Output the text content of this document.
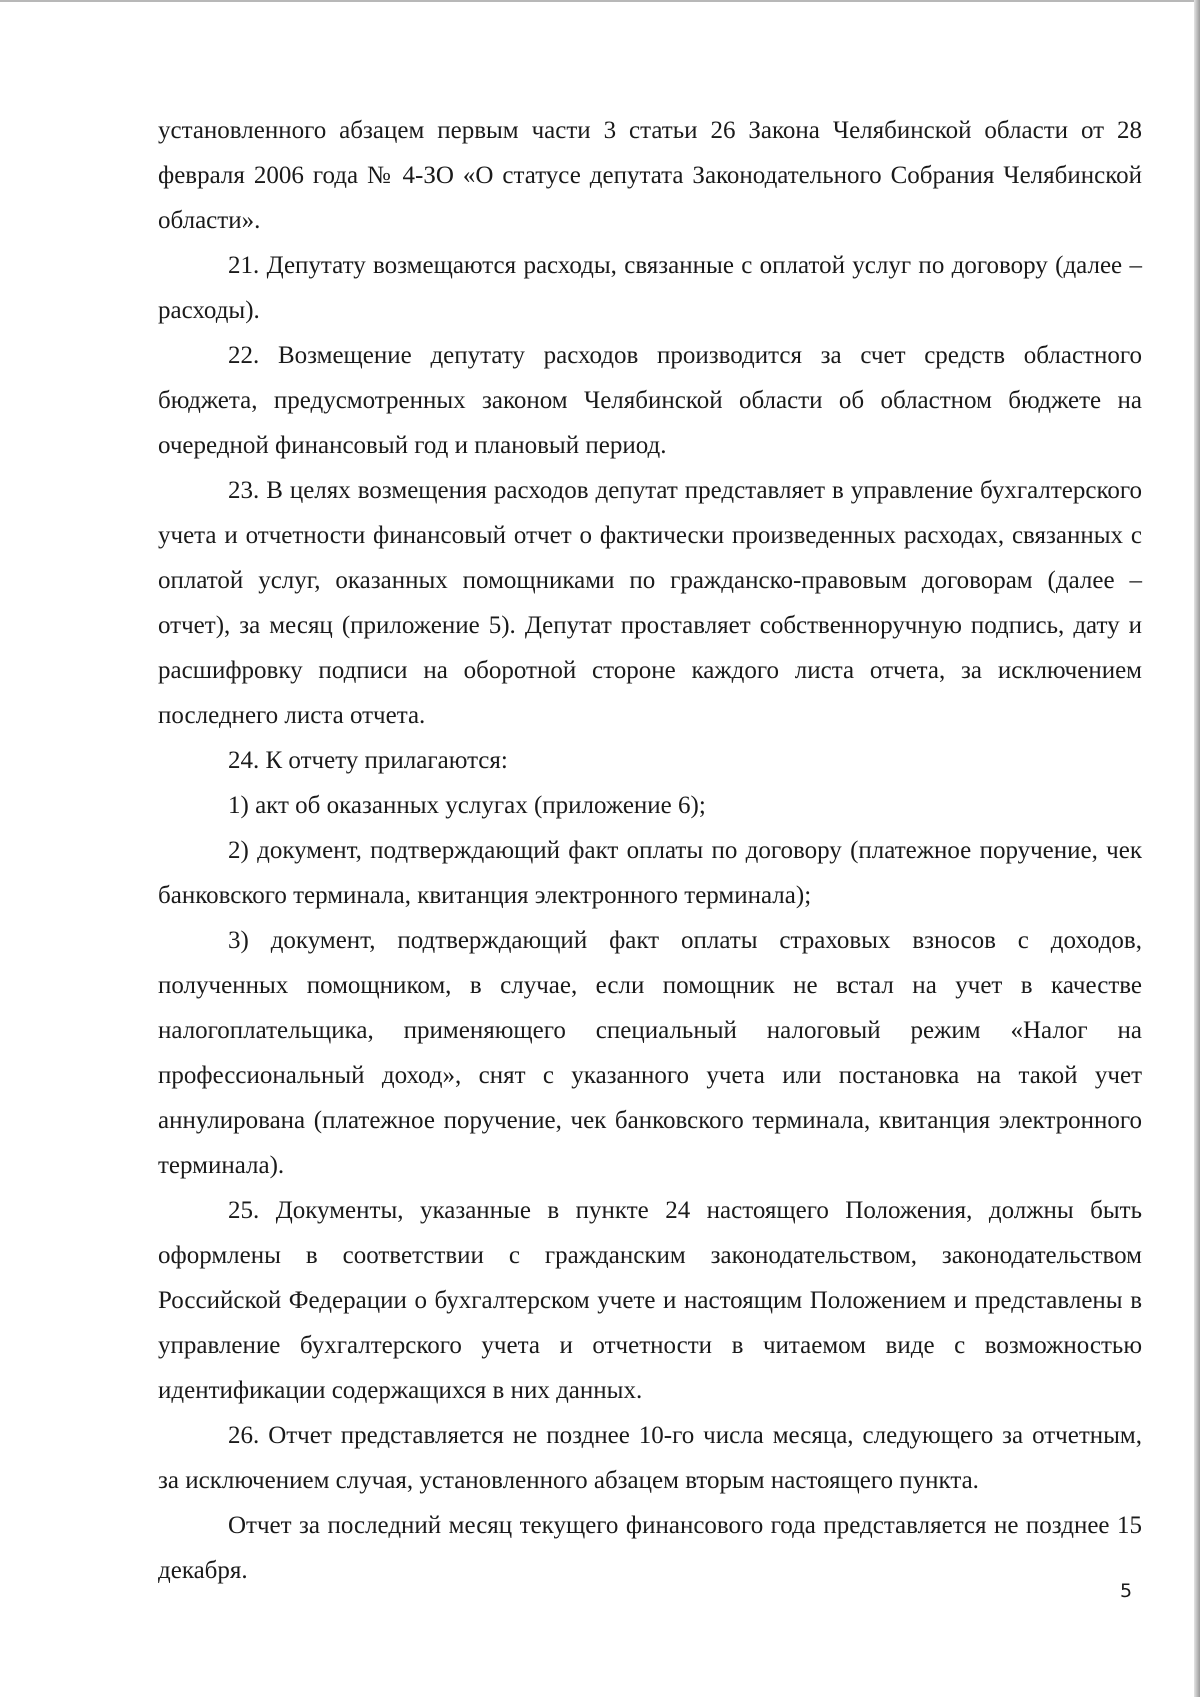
установленного абзацем первым части 3 статьи 26 Закона Челябинской области от 28 февраля 2006 года № 4-ЗО «О статусе депутата Законодательного Собрания Челябинской области».

21. Депутату возмещаются расходы, связанные с оплатой услуг по договору (далее – расходы).

22. Возмещение депутату расходов производится за счет средств областного бюджета, предусмотренных законом Челябинской области об областном бюджете на очередной финансовый год и плановый период.

23. В целях возмещения расходов депутат представляет в управление бухгалтерского учета и отчетности финансовый отчет о фактически произведенных расходах, связанных с оплатой услуг, оказанных помощниками по гражданско-правовым договорам (далее – отчет), за месяц (приложение 5). Депутат проставляет собственноручную подпись, дату и расшифровку подписи на оборотной стороне каждого листа отчета, за исключением последнего листа отчета.

24. К отчету прилагаются:

1) акт об оказанных услугах (приложение 6);

2) документ, подтверждающий факт оплаты по договору (платежное поручение, чек банковского терминала, квитанция электронного терминала);

3) документ, подтверждающий факт оплаты страховых взносов с доходов, полученных помощником, в случае, если помощник не встал на учет в качестве налогоплательщика, применяющего специальный налоговый режим «Налог на профессиональный доход», снят с указанного учета или постановка на такой учет аннулирована (платежное поручение, чек банковского терминала, квитанция электронного терминала).

25. Документы, указанные в пункте 24 настоящего Положения, должны быть оформлены в соответствии с гражданским законодательством, законодательством Российской Федерации о бухгалтерском учете и настоящим Положением и представлены в управление бухгалтерского учета и отчетности в читаемом виде с возможностью идентификации содержащихся в них данных.

26. Отчет представляется не позднее 10-го числа месяца, следующего за отчетным, за исключением случая, установленного абзацем вторым настоящего пункта.

Отчет за последний месяц текущего финансового года представляется не позднее 15 декабря.

5
